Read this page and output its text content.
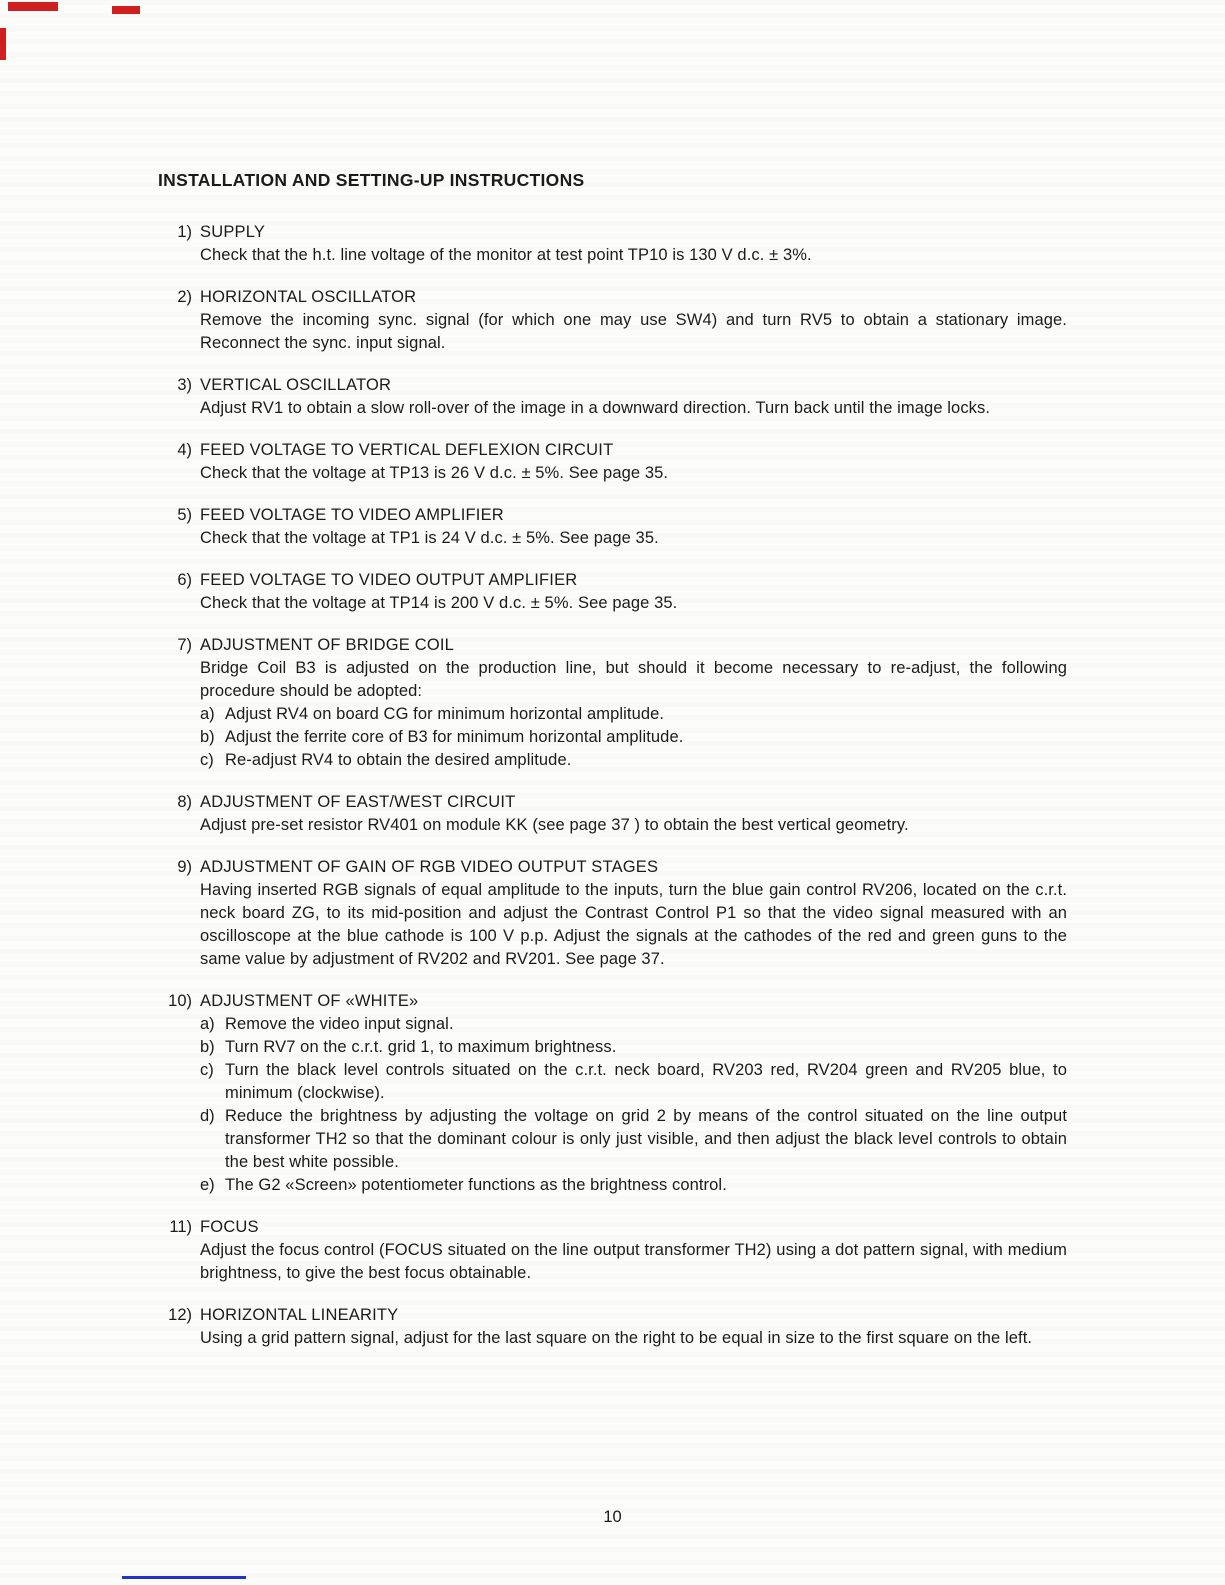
INSTALLATION AND SETTING-UP INSTRUCTIONS
1) SUPPLY

Check that the h.t. line voltage of the monitor at test point TP10 is 130 V d.c. ± 3%.

2) HORIZONTAL OSCILLATOR

Remove the incoming sync. signal (for which one may use SW4) and turn RV5 to obtain a stationary image. Reconnect the sync. input signal.

3) VERTICAL OSCILLATOR

Adjust RV1 to obtain a slow roll-over of the image in a downward direction. Turn back until the image locks.

4) FEED VOLTAGE TO VERTICAL DEFLEXION CIRCUIT

Check that the voltage at TP13 is 26 V d.c. ± 5%. See page 35.

5) FEED VOLTAGE TO VIDEO AMPLIFIER

Check that the voltage at TP1 is 24 V d.c. ± 5%. See page 35.

6) FEED VOLTAGE TO VIDEO OUTPUT AMPLIFIER

Check that the voltage at TP14 is 200 V d.c. ± 5%. See page 35.

7) ADJUSTMENT OF BRIDGE COIL

Bridge Coil B3 is adjusted on the production line, but should it become necessary to re-adjust, the following procedure should be adopted:

a) Adjust RV4 on board CG for minimum horizontal amplitude.
b) Adjust the ferrite core of B3 for minimum horizontal amplitude.
c) Re-adjust RV4 to obtain the desired amplitude.
8) ADJUSTMENT OF EAST/WEST CIRCUIT

Adjust pre-set resistor RV401 on module KK (see page 37 ) to obtain the best vertical geometry.

9) ADJUSTMENT OF GAIN OF RGB VIDEO OUTPUT STAGES

Having inserted RGB signals of equal amplitude to the inputs, turn the blue gain control RV206, located on the c.r.t. neck board ZG, to its mid-position and adjust the Contrast Control P1 so that the video signal measured with an oscilloscope at the blue cathode is 100 V p.p. Adjust the signals at the cathodes of the red and green guns to the same value by adjustment of RV202 and RV201. See page 37.

10) ADJUSTMENT OF «WHITE»
a) Remove the video input signal.
b) Turn RV7 on the c.r.t. grid 1, to maximum brightness.
c) Turn the black level controls situated on the c.r.t. neck board, RV203 red, RV204 green and RV205 blue, to minimum (clockwise).
d) Reduce the brightness by adjusting the voltage on grid 2 by means of the control situated on the line output transformer TH2 so that the dominant colour is only just visible, and then adjust the black level controls to obtain the best white possible.
e) The G2 «Screen» potentiometer functions as the brightness control.
11) FOCUS

Adjust the focus control (FOCUS situated on the line output transformer TH2) using a dot pattern signal, with medium brightness, to give the best focus obtainable.

12) HORIZONTAL LINEARITY

Using a grid pattern signal, adjust for the last square on the right to be equal in size to the first square on the left.

10
